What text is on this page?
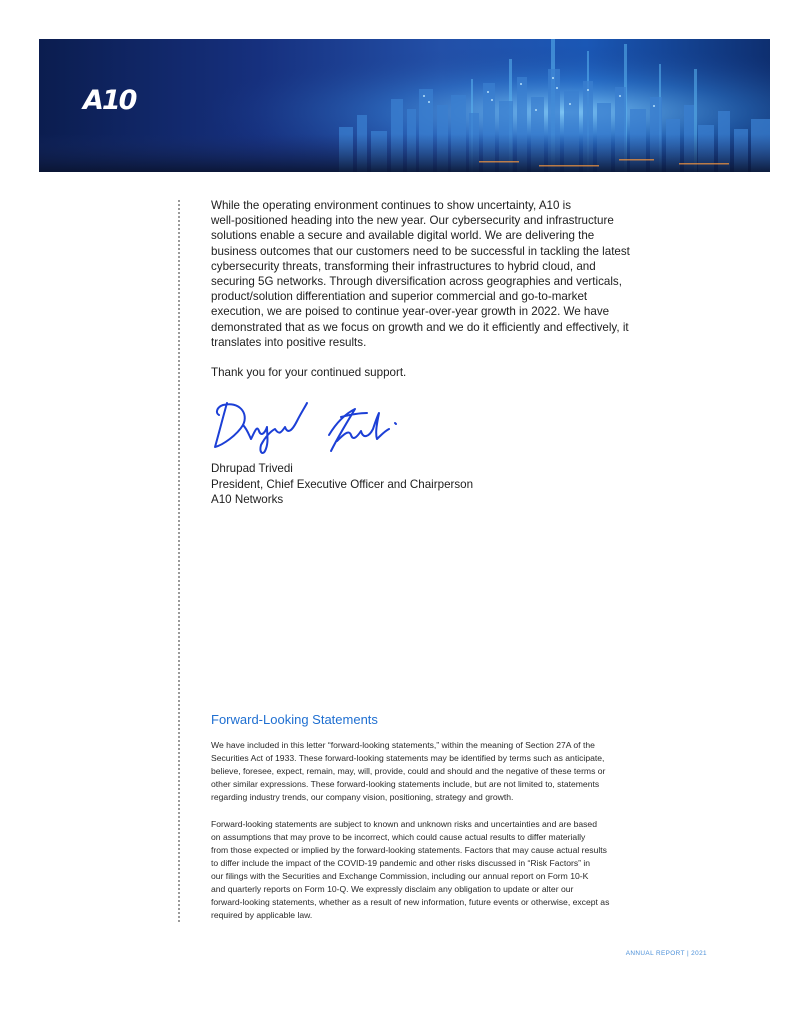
A10

While the operating environment continues to show uncertainty, A10 is
well-positioned heading into the new year. Our cybersecurity and infrastructure
solutions enable a secure and available digital world. We are delivering the
business outcomes that our customers need to be successful in tackling the latest
cybersecurity threats, transforming their infrastructures to hybrid cloud, and
securing 5G networks. Through diversification across geographies and verticals,
product/solution differentiation and superior commercial and go-to-market
execution, we are poised to continue year-over-year growth in 2022. We have
demonstrated that as we focus on growth and we do it efficiently and effectively, it
translates into positive results.

Thank you for your continued support.

Dhrupad Trivedi

President, Chief Executive Officer and Chairperson

A10 Networks

Forward-Looking Statements

We have included in this letter “forward-looking statements,” within the meaning of Section 27A of the
Securities Act of 1933. These forward-looking statements may be identified by terms such as anticipate,
believe, foresee, expect, remain, may, will, provide, could and should and the negative of these terms or
other similar expressions. These forward-looking statements include, but are not limited to, statements
regarding industry trends, our company vision, positioning, strategy and growth.

Forward-looking statements are subject to known and unknown risks and uncertainties and are based
on assumptions that may prove to be incorrect, which could cause actual results to differ materially
from those expected or implied by the forward-looking statements. Factors that may cause actual results
to differ include the impact of the COVID-19 pandemic and other risks discussed in “Risk Factors” in
our filings with the Securities and Exchange Commission, including our annual report on Form 10-K
and quarterly reports on Form 10-Q. We expressly disclaim any obligation to update or alter our
forward-looking statements, whether as a result of new information, future events or otherwise, except as
required by applicable law.

ANNUAL REPORT | 2021
